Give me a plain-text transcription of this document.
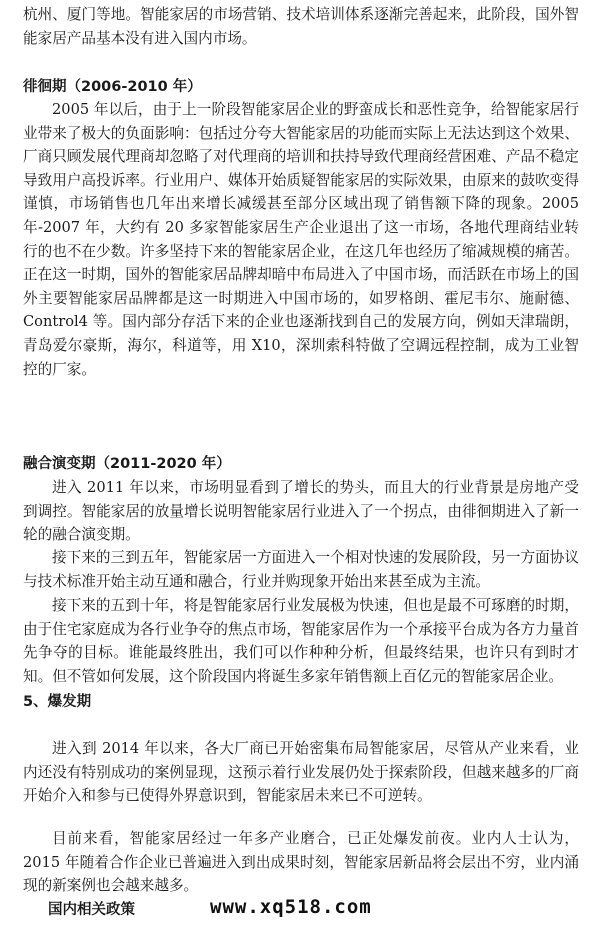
杭州、厦门等地。智能家居的市场营销、技术培训体系逐渐完善起来，此阶段，国外智能家居产品基本没有进入国内市场。

徘徊期（2006-2010 年）

2005 年以后，由于上一阶段智能家居企业的野蛮成长和恶性竞争，给智能家居行业带来了极大的负面影响：包括过分夸大智能家居的功能而实际上无法达到这个效果、厂商只顾发展代理商却忽略了对代理商的培训和扶持导致代理商经营困难、产品不稳定导致用户高投诉率。行业用户、媒体开始质疑智能家居的实际效果，由原来的鼓吹变得谨慎，市场销售也几年出来增长减缓甚至部分区域出现了销售额下降的现象。2005 年-2007 年，大约有 20 多家智能家居生产企业退出了这一市场，各地代理商结业转行的也不在少数。许多坚持下来的智能家居企业，在这几年也经历了缩减规模的痛苦。正在这一时期，国外的智能家居品牌却暗中布局进入了中国市场，而活跃在市场上的国外主要智能家居品牌都是这一时期进入中国市场的，如罗格朗、霍尼韦尔、施耐德、Control4 等。国内部分存活下来的企业也逐渐找到自己的发展方向，例如天津瑞朗，青岛爱尔豪斯，海尔，科道等，用 X10，深圳索科特做了空调远程控制，成为工业智控的厂家。

融合演变期（2011-2020 年）

进入 2011 年以来，市场明显看到了增长的势头，而且大的行业背景是房地产受到调控。智能家居的放量增长说明智能家居行业进入了一个拐点，由徘徊期进入了新一轮的融合演变期。

接下来的三到五年，智能家居一方面进入一个相对快速的发展阶段，另一方面协议与技术标准开始主动互通和融合，行业并购现象开始出来甚至成为主流。

接下来的五到十年，将是智能家居行业发展极为快速，但也是最不可琢磨的时期，由于住宅家庭成为各行业争夺的焦点市场，智能家居作为一个承接平台成为各方力量首先争夺的目标。谁能最终胜出，我们可以作种种分析，但最终结果，也许只有到时才知。但不管如何发展，这个阶段国内将诞生多家年销售额上百亿元的智能家居企业。

5、爆发期

进入到 2014 年以来，各大厂商已开始密集布局智能家居，尽管从产业来看，业内还没有特别成功的案例显现，这预示着行业发展仍处于探索阶段，但越来越多的厂商开始介入和参与已使得外界意识到，智能家居未来已不可逆转。

目前来看，智能家居经过一年多产业磨合，已正处爆发前夜。业内人士认为，2015 年随着合作企业已普遍进入到出成果时刻，智能家居新品将会层出不穷，业内涌现的新案例也会越来越多。

国内相关政策	www.xq518.com
